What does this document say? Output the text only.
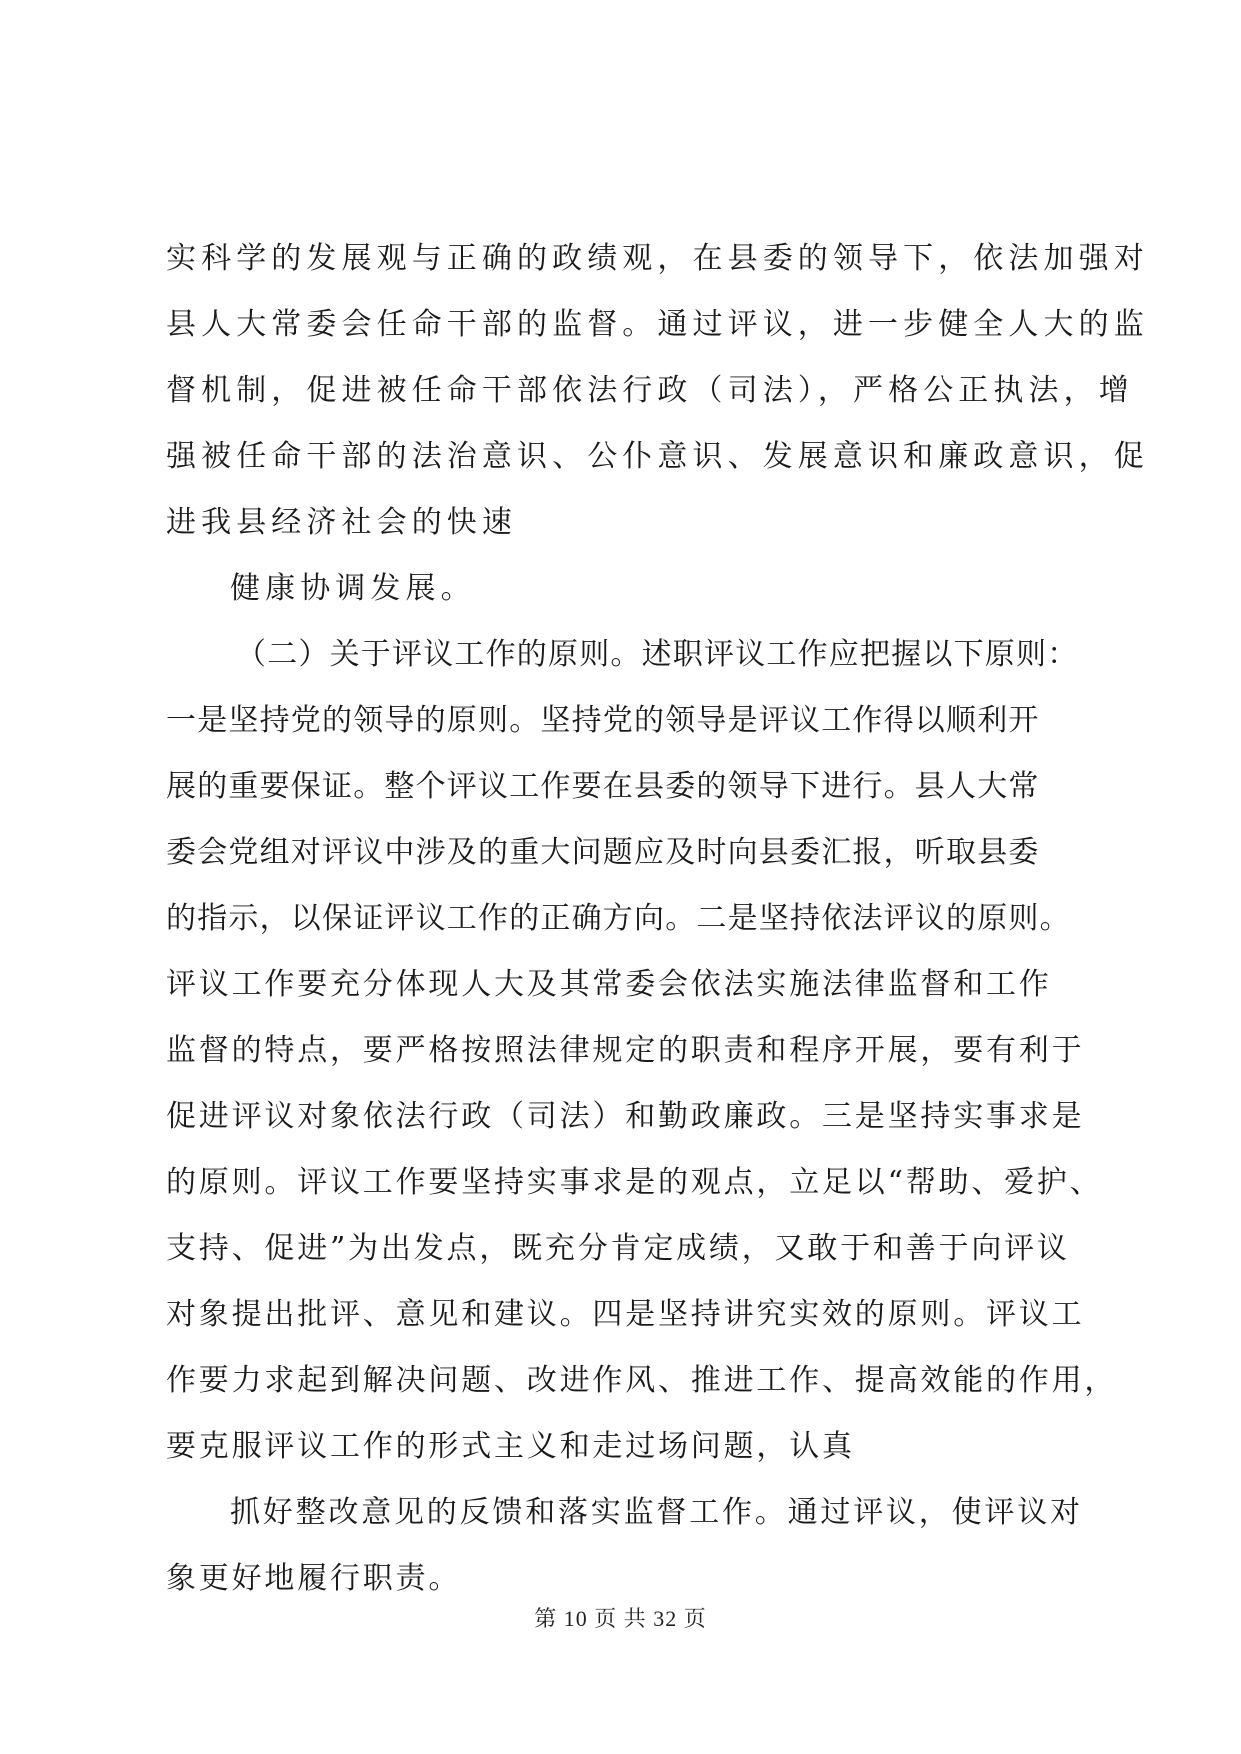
实科学的发展观与正确的政绩观，在县委的领导下，依法加强对
县人大常委会任命干部的监督。通过评议，进一步健全人大的监
督机制，促进被任命干部依法行政（司法），严格公正执法，增
强被任命干部的法治意识、公仆意识、发展意识和廉政意识，促
进我县经济社会的快速
健康协调发展。
（二）关于评议工作的原则。述职评议工作应把握以下原则：
一是坚持党的领导的原则。坚持党的领导是评议工作得以顺利开
展的重要保证。整个评议工作要在县委的领导下进行。县人大常
委会党组对评议中涉及的重大问题应及时向县委汇报，听取县委
的指示，以保证评议工作的正确方向。二是坚持依法评议的原则。
评议工作要充分体现人大及其常委会依法实施法律监督和工作
监督的特点，要严格按照法律规定的职责和程序开展，要有利于
促进评议对象依法行政（司法）和勤政廉政。三是坚持实事求是
的原则。评议工作要坚持实事求是的观点，立足以“帮助、爱护、
支持、促进”为出发点，既充分肯定成绩，又敢于和善于向评议
对象提出批评、意见和建议。四是坚持讲究实效的原则。评议工
作要力求起到解决问题、改进作风、推进工作、提高效能的作用，
要克服评议工作的形式主义和走过场问题，认真
抓好整改意见的反馈和落实监督工作。通过评议，使评议对
象更好地履行职责。
第 10 页 共 32 页
